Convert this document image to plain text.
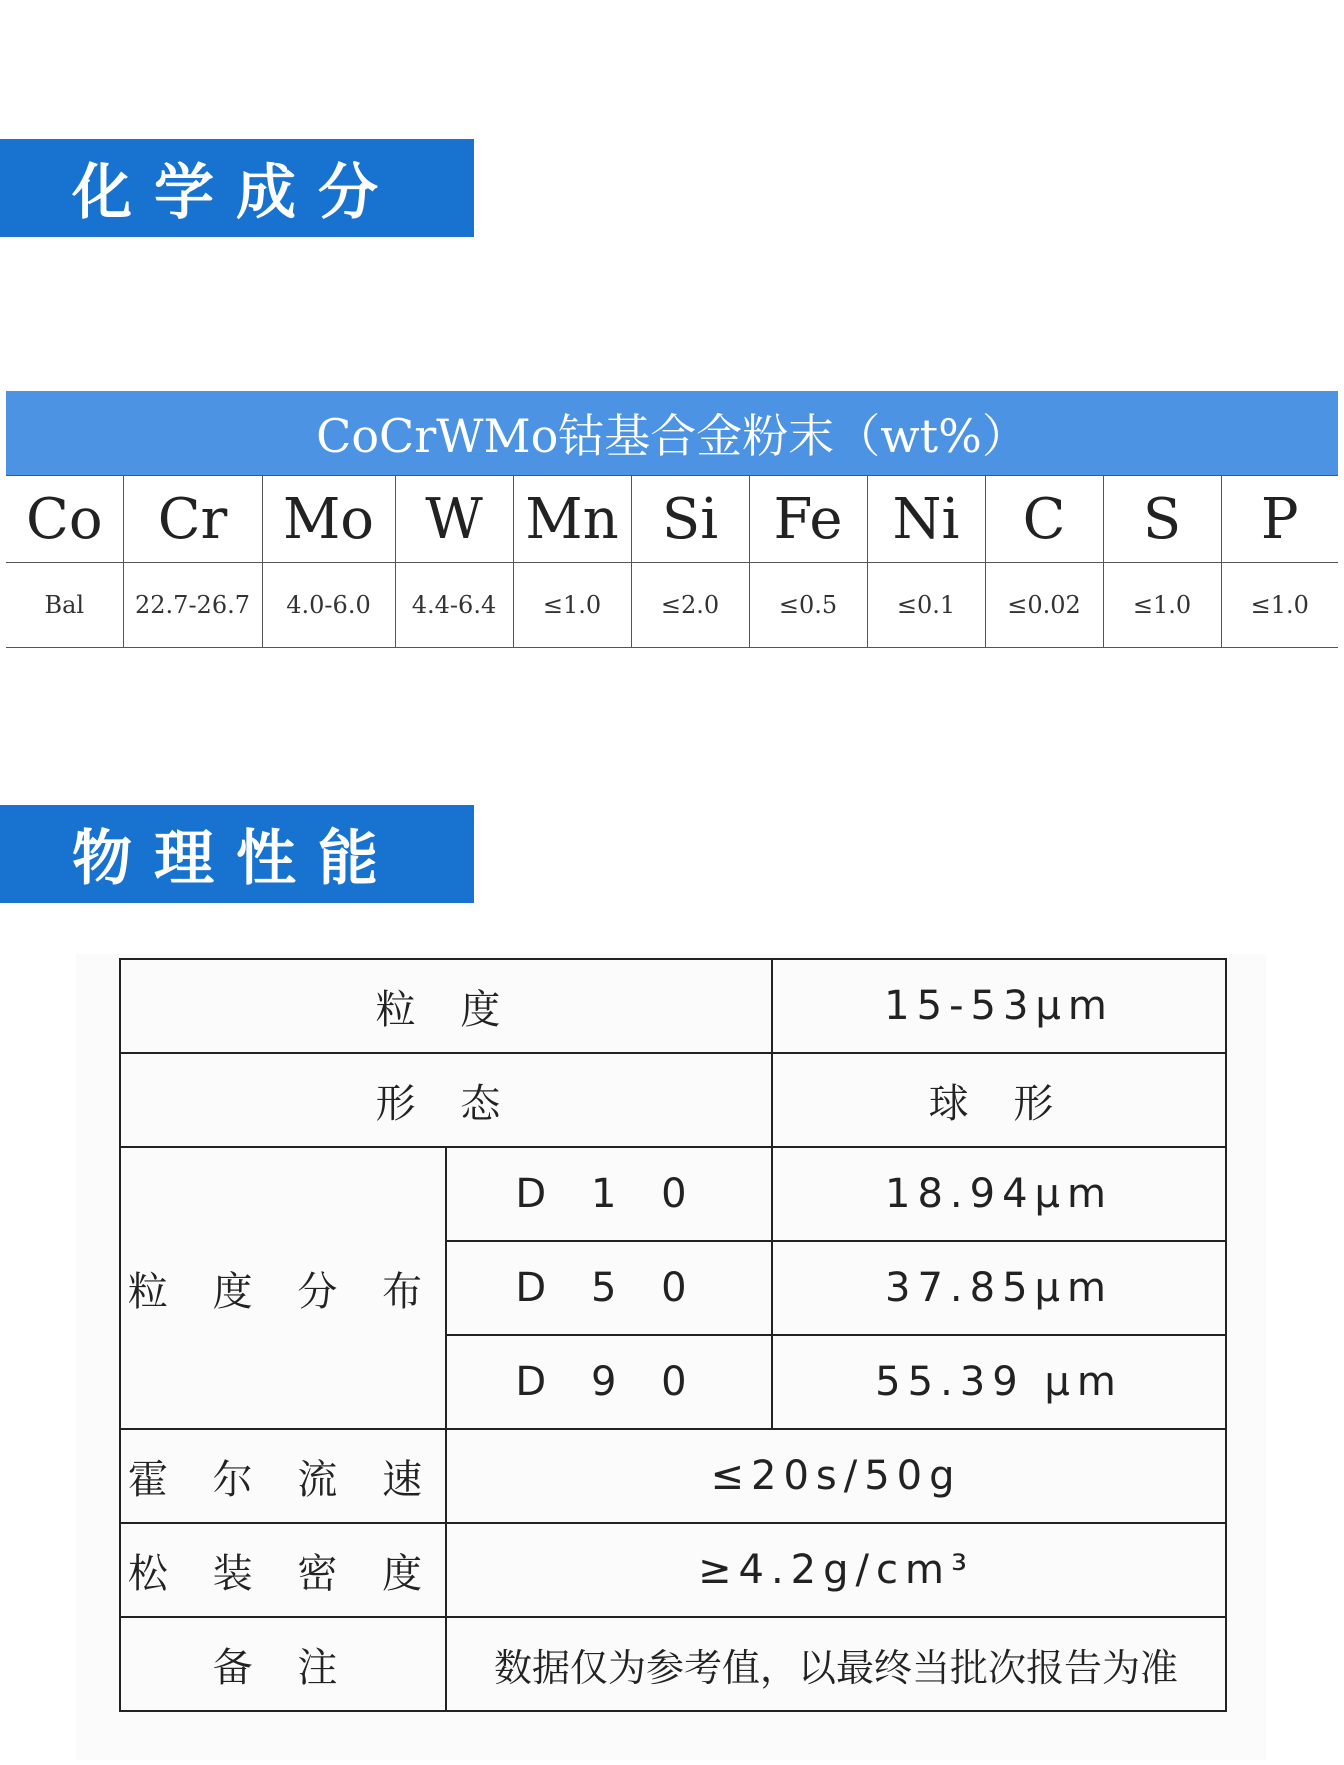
化学成分
CoCrWMo钴基合金粉末（wt%）										
Co	Cr	Mo	W	Mn	Si	Fe	Ni	C	S	P
Bal	22.7-26.7	4.0-6.0	4.4-6.4	≤1.0	≤2.0	≤0.5	≤0.1	≤0.02	≤1.0	≤1.0
物理性能
粒 度		15-53μm
形 态		球 形
粒 度 分 布	D 1 0	18.94μm
	D 5 0	37.85μm
	D 9 0	55.39 μm
霍 尔 流 速	≤20s/50g	
松 装 密 度	≥4.2g/cm³	
备 注	数据仅为参考值，以最终当批次报告为准	
